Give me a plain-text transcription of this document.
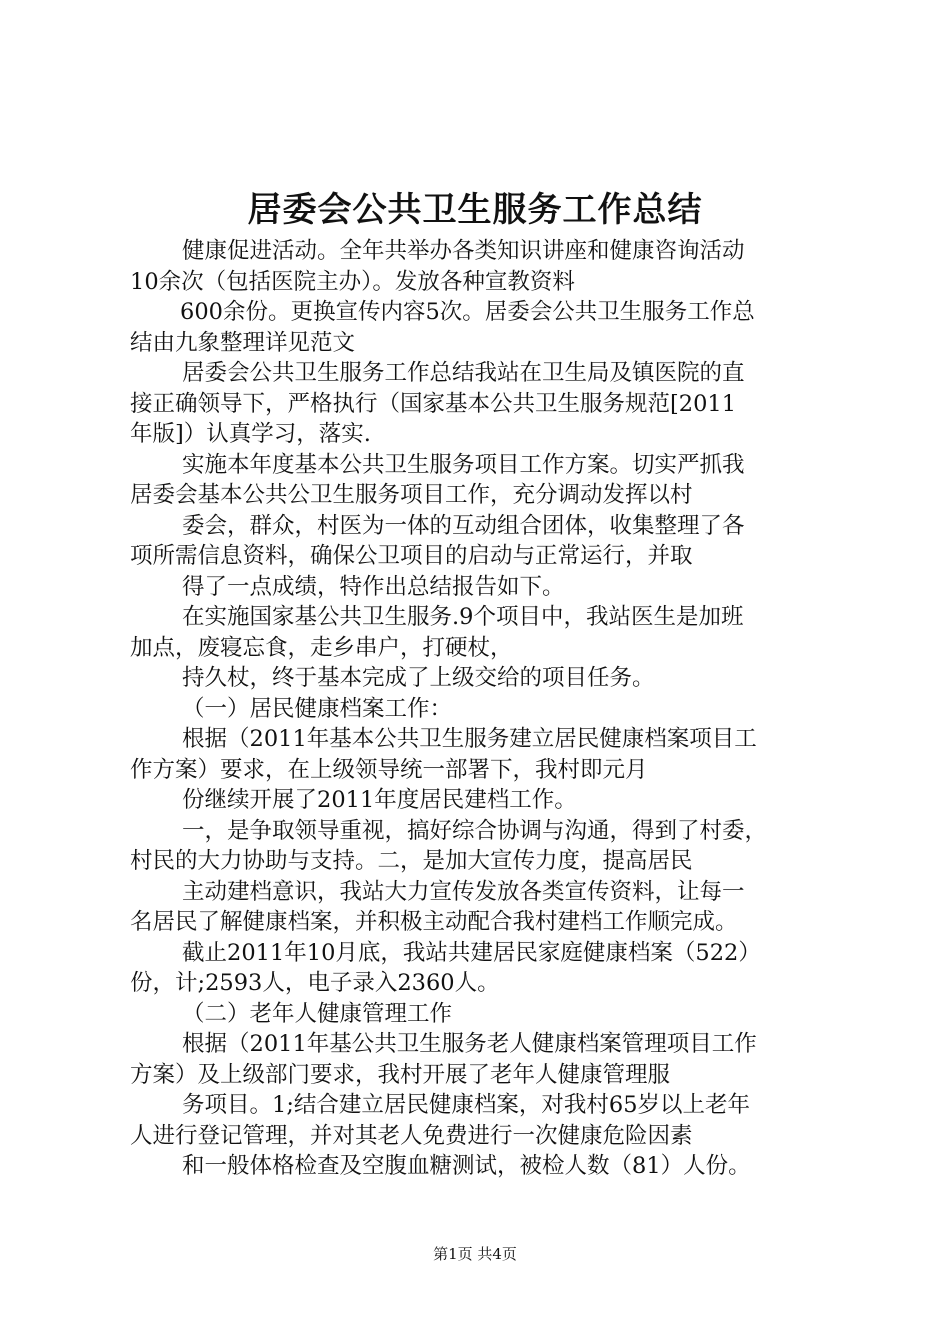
居委会公共卫生服务工作总结
健康促进活动。全年共举办各类知识讲座和健康咨询活动
10余次（包括医院主办）。发放各种宣教资料
600余份。更换宣传内容5次。居委会公共卫生服务工作总
结由九象整理详见范文
居委会公共卫生服务工作总结我站在卫生局及镇医院的直
接正确领导下，严格执行（国家基本公共卫生服务规范[2011
年版]）认真学习，落实.
实施本年度基本公共卫生服务项目工作方案。切实严抓我
居委会基本公共公卫生服务项目工作，充分调动发挥以村
委会，群众，村医为一体的互动组合团体，收集整理了各
项所需信息资料，确保公卫项目的启动与正常运行，并取
得了一点成绩，特作出总结报告如下。
在实施国家基公共卫生服务.9个项目中，我站医生是加班
加点，废寝忘食，走乡串户，打硬杖，
持久杖，终于基本完成了上级交给的项目任务。
（一）居民健康档案工作：
根据（2011年基本公共卫生服务建立居民健康档案项目工
作方案）要求，在上级领导统一部署下，我村即元月
份继续开展了2011年度居民建档工作。
一，是争取领导重视，搞好综合协调与沟通，得到了村委，
村民的大力协助与支持。二，是加大宣传力度，提高居民
主动建档意识，我站大力宣传发放各类宣传资料，让每一
名居民了解健康档案，并积极主动配合我村建档工作顺完成。
截止2011年10月底，我站共建居民家庭健康档案（522）
份，计;2593人，电子录入2360人。
（二）老年人健康管理工作
根据（2011年基公共卫生服务老人健康档案管理项目工作
方案）及上级部门要求，我村开展了老年人健康管理服
务项目。1;结合建立居民健康档案，对我村65岁以上老年
人进行登记管理，并对其老人免费进行一次健康危险因素
和一般体格检查及空腹血糖测试，被检人数（81）人份。
第1页 共4页
